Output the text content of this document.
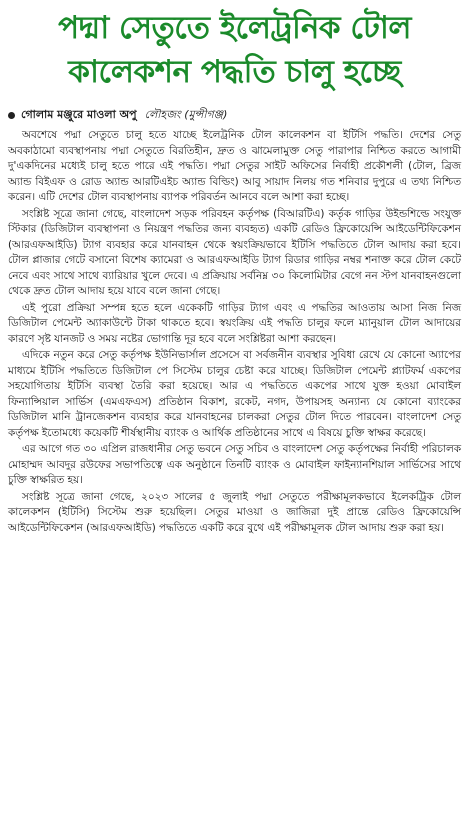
পদ্মা সেতুতে ইলেট্রনিক টোল
কালেকশন পদ্ধতি চালু হচ্ছে
গোলাম মঞ্জুরে মাওলা অপু লৌহজং (মুন্সীগঞ্জ)

অবশেষে পদ্মা সেতুতে চালু হতে যাচ্ছে ইলেট্রনিক টোল কালেকশন বা ইটিসি পদ্ধতি। দেশের সেতু অবকাঠামো ব্যবস্থাপনায় পদ্মা সেতুতে বিরতিহীন, দ্রুত ও ঝামেলামুক্ত সেতু পারাপার নিশ্চিত করতে আগামী দু'একদিনের মধ্যেই চালু হতে পারে এই পদ্ধতি। পদ্মা সেতুর সাইট অফিসের নির্বাহী প্রকৌশলী (টোল, ব্রিজ অ্যান্ড বিইএফ ও রোড অ্যান্ড আরটিএইচ অ্যান্ড বিল্ডিং) আবু সায়াদ নিলয় গত শনিবার দুপুরে এ তথ্য নিশ্চিত করেন। এটি দেশের টোল ব্যবস্থাপনায় ব্যাপক পরিবর্তন আনবে বলে আশা করা হচ্ছে।

সংশ্লিষ্ট সূত্রে জানা গেছে, বাংলাদেশ সড়ক পরিবহন কর্তৃপক্ষ (বিআরটিএ) কর্তৃক গাড়ির উইন্ডশিল্ডে সংযুক্ত স্টিকার (ডিজিটাল ব্যবস্থাপনা ও নিয়ন্ত্রণ পদ্ধতির জন্য ব্যবহৃত) একটি রেডিও ফ্রিকোয়েন্সি আইডেন্টিফিকেশন (আরএফআইডি) ট্যাগ ব্যবহার করে যানবাহন থেকে স্বয়ংক্রিয়ভাবে ইটিসি পদ্ধতিতে টোল আদায় করা হবে। টোল প্লাজার গেটে বসানো বিশেষ ক্যামেরা ও আরএফআইডি ট্যাগ রিডার গাড়ির নম্বর শনাক্ত করে টোল কেটে নেবে এবং সাথে সাথে ব্যারিয়ার খুলে দেবে। এ প্রক্রিয়ায় সর্বনিম্ন ৩০ কিলোমিটার বেগে নন স্টপ যানবাহনগুলো থেকে দ্রুত টোল আদায় হয়ে যাবে বলে জানা গেছে।

এই পুরো প্রক্রিয়া সম্পন্ন হতে হলে একেকটি গাড়ির ট্যাগ এবং এ পদ্ধতির আওতায় আসা নিজ নিজ ডিজিটাল পেমেন্ট অ্যাকাউন্টে টাকা থাকতে হবে। স্বয়ংক্রিয় এই পদ্ধতি চালুর ফলে ম্যানুয়াল টোল আদায়ের কারণে সৃষ্ট যানজট ও সময় নষ্টের ভোগান্তি দূর হবে বলে সংশ্লিষ্টরা আশা করছেন।

এদিকে নতুন করে সেতু কর্তৃপক্ষ ইউনিভার্সাল প্রসেসে বা সর্বজনীন ব্যবস্থার সুবিধা রেখে যে কোনো অ্যাপের মাধ্যমে ইটিসি পদ্ধতিতে ডিজিটাল পে সিস্টেম চালুর চেষ্টা করে যাচ্ছে। ডিজিটাল পেমেন্ট প্ল্যাটফর্ম একপের সহযোগিতায় ইটিসি ব্যবস্থা তৈরি করা হয়েছে। আর এ পদ্ধতিতে একপের সাথে যুক্ত হওয়া মোবাইল ফিন্যান্সিয়াল সার্ভিস (এমএফএস) প্রতিষ্ঠান বিকাশ, রকেট, নগদ, উপায়সহ অন্যান্য যে কোনো ব্যাংকের ডিজিটাল মানি ট্রানজেকশন ব্যবহার করে যানবাহনের চালকরা সেতুর টোল দিতে পারবেন। বাংলাদেশ সেতু কর্তৃপক্ষ ইতোমধ্যে কয়েকটি শীর্ষস্থানীয় ব্যাংক ও আর্থিক প্রতিষ্ঠানের সাথে এ বিষয়ে চুক্তি স্বাক্ষর করেছে।

এর আগে গত ৩০ এপ্রিল রাজধানীর সেতু ভবনে সেতু সচিব ও বাংলাদেশ সেতু কর্তৃপক্ষের নির্বাহী পরিচালক মোহাম্মদ আবদুর রউফের সভাপতিত্বে এক অনুষ্ঠানে তিনটি ব্যাংক ও মোবাইল ফাইন্যানশিয়াল সার্ভিসের সাথে চুক্তি স্বাক্ষরিত হয়।

সংশ্লিষ্ট সূত্রে জানা গেছে, ২০২৩ সালের ৫ জুলাই পদ্মা সেতুতে পরীক্ষামূলকভাবে ইলেকট্রিক টোল কালেকশন (ইটিসি) সিস্টেম শুরু হয়েছিল। সেতুর মাওয়া ও জাজিরা দুই প্রান্তে রেডিও ফ্রিকোয়েন্সি আইডেন্টিফিকেশন (আরএফআইডি) পদ্ধতিতে একটি করে বুথে এই পরীক্ষামূলক টোল আদায় শুরু করা হয়।
